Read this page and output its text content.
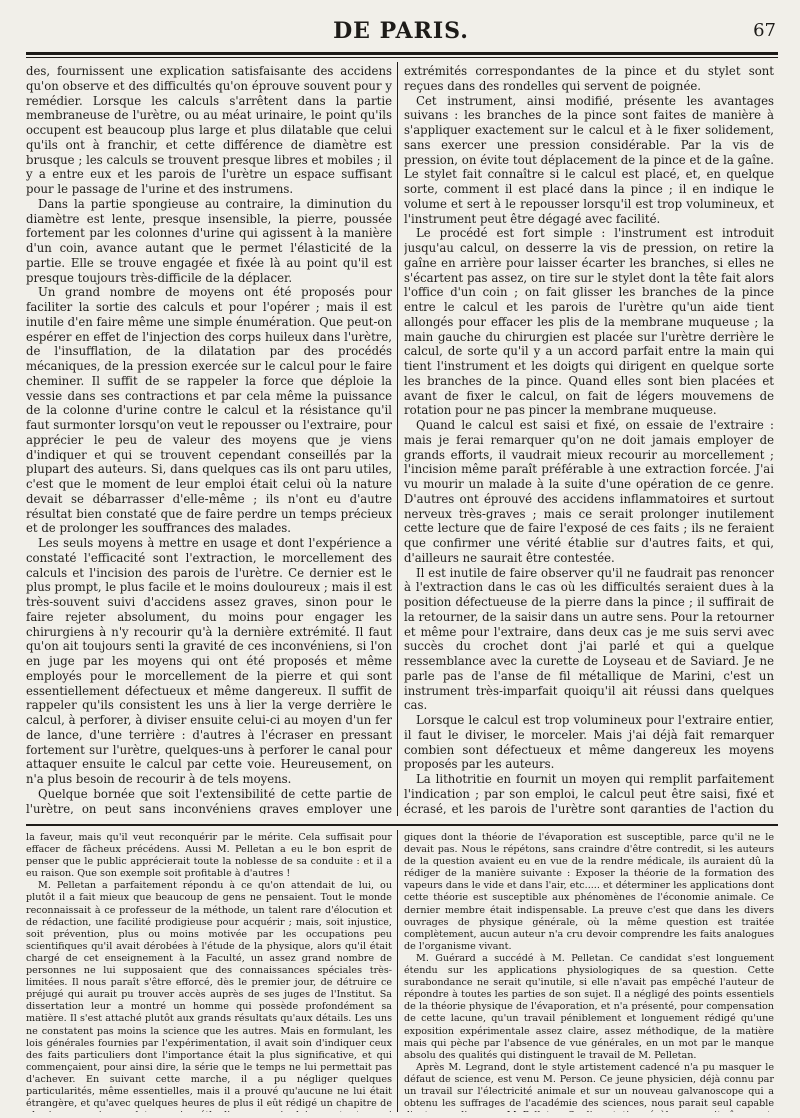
DE PARIS.	67

des, fournissent une explication satisfaisante des accidens qu'on observe et des difficultés qu'on éprouve souvent pour y remédier. Lorsque les calculs s'arrêtent dans la partie membraneuse de l'urètre, ou au méat urinaire, le point qu'ils occupent est beaucoup plus large et plus dilatable que celui qu'ils ont à franchir, et cette différence de diamètre est brusque ; les calculs se trouvent presque libres et mobiles ; il y a entre eux et les parois de l'urètre un espace suffisant pour le passage de l'urine et des instrumens.

Dans la partie spongieuse au contraire, la diminution du diamètre est lente, presque insensible, la pierre, poussée fortement par les colonnes d'urine qui agissent à la manière d'un coin, avance autant que le permet l'élasticité de la partie. Elle se trouve engagée et fixée là au point qu'il est presque toujours très-difficile de la déplacer.

Un grand nombre de moyens ont été proposés pour faciliter la sortie des calculs et pour l'opérer ; mais il est inutile d'en faire même une simple énumération. Que peut-on espérer en effet de l'injection des corps huileux dans l'urètre, de l'insufflation, de la dilatation par des procédés mécaniques, de la pression exercée sur le calcul pour le faire cheminer. Il suffit de se rappeler la force que déploie la vessie dans ses contractions et par cela même la puissance de la colonne d'urine contre le calcul et la résistance qu'il faut surmonter lorsqu'on veut le repousser ou l'extraire, pour apprécier le peu de valeur des moyens que je viens d'indiquer et qui se trouvent cependant conseillés par la plupart des auteurs. Si, dans quelques cas ils ont paru utiles, c'est que le moment de leur emploi était celui où la nature devait se débarrasser d'elle-même ; ils n'ont eu d'autre résultat bien constaté que de faire perdre un temps précieux et de prolonger les souffrances des malades.

Les seuls moyens à mettre en usage et dont l'expérience a constaté l'efficacité sont l'extraction, le morcellement des calculs et l'incision des parois de l'urètre. Ce dernier est le plus prompt, le plus facile et le moins douloureux ; mais il est très-souvent suivi d'accidens assez graves, sinon pour le faire rejeter absolument, du moins pour engager les chirurgiens à n'y recourir qu'à la dernière extrémité. Il faut qu'on ait toujours senti la gravité de ces inconvéniens, si l'on en juge par les moyens qui ont été proposés et même employés pour le morcellement de la pierre et qui sont essentiellement défectueux et même dangereux. Il suffit de rappeler qu'ils consistent les uns à lier la verge derrière le calcul, à perforer, à diviser ensuite celui-ci au moyen d'un fer de lance, d'une terrière : d'autres à l'écraser en pressant fortement sur l'urètre, quelques-uns à perforer le canal pour attaquer ensuite le calcul par cette voie. Heureusement, on n'a plus besoin de recourir à de tels moyens.

Quelque bornée que soit l'extensibilité de cette partie de l'urètre, on peut sans inconvéniens graves employer une

extrémités correspondantes de la pince et du stylet sont reçues dans des rondelles qui servent de poignée.

Cet instrument, ainsi modifié, présente les avantages suivans : les branches de la pince sont faites de manière à s'appliquer exactement sur le calcul et à le fixer solidement, sans exercer une pression considérable. Par la vis de pression, on évite tout déplacement de la pince et de la gaîne. Le stylet fait connaître si le calcul est placé, et, en quelque sorte, comment il est placé dans la pince ; il en indique le volume et sert à le repousser lorsqu'il est trop volumineux, et l'instrument peut être dégagé avec facilité.

Le procédé est fort simple : l'instrument est introduit jusqu'au calcul, on desserre la vis de pression, on retire la gaîne en arrière pour laisser écarter les branches, si elles ne s'écartent pas assez, on tire sur le stylet dont la tête fait alors l'office d'un coin ; on fait glisser les branches de la pince entre le calcul et les parois de l'urètre qu'un aide tient allongés pour effacer les plis de la membrane muqueuse ; la main gauche du chirurgien est placée sur l'urètre derrière le calcul, de sorte qu'il y a un accord parfait entre la main qui tient l'instrument et les doigts qui dirigent en quelque sorte les branches de la pince. Quand elles sont bien placées et avant de fixer le calcul, on fait de légers mouvemens de rotation pour ne pas pincer la membrane muqueuse.

Quand le calcul est saisi et fixé, on essaie de l'extraire : mais je ferai remarquer qu'on ne doit jamais employer de grands efforts, il vaudrait mieux recourir au morcellement ; l'incision même paraît préférable à une extraction forcée. J'ai vu mourir un malade à la suite d'une opération de ce genre. D'autres ont éprouvé des accidens inflammatoires et surtout nerveux très-graves ; mais ce serait prolonger inutilement cette lecture que de faire l'exposé de ces faits ; ils ne feraient que confirmer une vérité établie sur d'autres faits, et qui, d'ailleurs ne saurait être contestée.

Il est inutile de faire observer qu'il ne faudrait pas renoncer à l'extraction dans le cas où les difficultés seraient dues à la position défectueuse de la pierre dans la pince ; il suffirait de la retourner, de la saisir dans un autre sens. Pour la retourner et même pour l'extraire, dans deux cas je me suis servi avec succès du crochet dont j'ai parlé et qui a quelque ressemblance avec la curette de Loyseau et de Saviard. Je ne parle pas de l'anse de fil métallique de Marini, c'est un instrument très-imparfait quoiqu'il ait réussi dans quelques cas.

Lorsque le calcul est trop volumineux pour l'extraire entier, il faut le diviser, le morceler. Mais j'ai déjà fait remarquer combien sont défectueux et même dangereux les moyens proposés par les auteurs.

La lithotritie en fournit un moyen qui remplit parfaitement l'indication ; par son emploi, le calcul peut être saisi, fixé et écrasé, et les parois de l'urètre sont garanties de l'action du

la faveur, mais qu'il veut reconquérir par le mérite. Cela suffisait pour effacer de fâcheux précédens. Aussi M. Pelletan a eu le bon esprit de penser que le public apprécierait toute la noblesse de sa conduite : et il a eu raison. Que son exemple soit profitable à d'autres !

M. Pelletan a parfaitement répondu à ce qu'on attendait de lui, ou plutôt il a fait mieux que beaucoup de gens ne pensaient. Tout le monde reconnaissait à ce professeur de la méthode, un talent rare d'élocution et de rédaction, une facilité prodigieuse pour acquérir ; mais, soit injustice, soit prévention, plus ou moins motivée par les occupations peu scientifiques qu'il avait dérobées à l'étude de la physique, alors qu'il était chargé de cet enseignement à la Faculté, un assez grand nombre de personnes ne lui supposaient que des connaissances spéciales très-limitées. Il nous paraît s'être efforcé, dès le premier jour, de détruire ce préjugé qui aurait pu trouver accès auprès de ses juges de l'Institut. Sa dissertation leur a montré un homme qui possède profondément sa matière. Il s'est attaché plutôt aux grands résultats qu'aux détails. Les uns ne constatent pas moins la science que les autres. Mais en formulant, les lois générales fournies par l'expérimentation, il avait soin d'indiquer ceux des faits particuliers dont l'importance était la plus significative, et qui commençaient, pour ainsi dire, la série que le temps ne lui permettait pas d'achever. En suivant cette marche, il a pu négliger quelques particularités, même essentielles, mais il a prouvé qu'aucune ne lui était étrangère, et qu'avec quelques heures de plus il eût rédigé un chapitre de

giques dont la théorie de l'évaporation est susceptible, parce qu'il ne le devait pas. Nous le répétons, sans craindre d'être contredit, si les auteurs de la question avaient eu en vue de la rendre médicale, ils auraient dû la rédiger de la manière suivante : Exposer la théorie de la formation des vapeurs dans le vide et dans l'air, etc..... et déterminer les applications dont cette théorie est susceptible aux phénomènes de l'économie animale. Ce dernier membre était indispensable. La preuve c'est que dans les divers ouvrages de physique générale, où la même question est traitée complètement, aucun auteur n'a cru devoir comprendre les faits analogues de l'organisme vivant.

M. Guérard a succédé à M. Pelletan. Ce candidat s'est longuement étendu sur les applications physiologiques de sa question. Cette surabondance ne serait qu'inutile, si elle n'avait pas empêché l'auteur de répondre à toutes les parties de son sujet. Il a négligé des points essentiels de la théorie physique de l'évaporation, et n'a présenté, pour compensation de cette lacune, qu'un travail péniblement et longuement rédigé qu'une exposition expérimentale assez claire, assez méthodique, de la matière mais qui pèche par l'absence de vue générales, en un mot par le manque absolu des qualités qui distinguent le travail de M. Pelletan.

Après M. Legrand, dont le style artistement cadencé n'a pu masquer le défaut de science, est venu M. Person. Ce jeune physicien, déjà connu par un travail sur l'électricité animale et sur un nouveau galvanoscope qui a obtenu les suffrages de l'académie des sciences, nous parait seul capable
